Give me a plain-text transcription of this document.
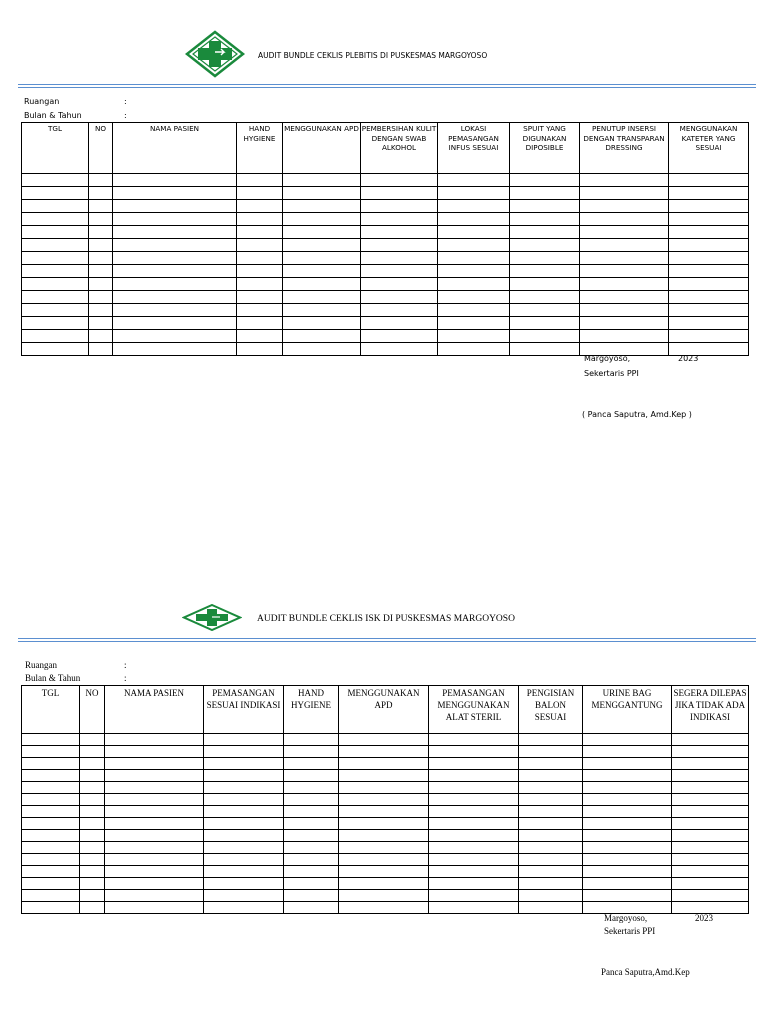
AUDIT BUNDLE CEKLIS PLEBITIS DI PUSKESMAS MARGOYOSO
Ruangan	:
Bulan & Tahun	:
TGL	NO	NAMA PASIEN	HAND HYGIENE	MENGGUNAKAN APD	PEMBERSIHAN KULIT DENGAN SWAB ALKOHOL	LOKASI PEMASANGAN INFUS SESUAI	SPUIT YANG DIGUNAKAN DIPOSIBLE	PENUTUP INSERSI DENGAN TRANSPARAN DRESSING	MENGGUNAKAN KATETER YANG SESUAI

Margoyoso,	2023
Sekertaris PPI
( Panca Saputra, Amd.Kep )
AUDIT BUNDLE CEKLIS ISK DI PUSKESMAS MARGOYOSO
Ruangan	:
Bulan & Tahun	:
TGL	NO	NAMA PASIEN	PEMASANGAN SESUAI INDIKASI	HAND HYGIENE	MENGGUNAKAN APD	PEMASANGAN MENGGUNAKAN ALAT STERIL	PENGISIAN BALON SESUAI	URINE BAG MENGGANTUNG	SEGERA DILEPAS JIKA TIDAK ADA INDIKASI

Margoyoso,	2023
Sekertaris PPI
Panca Saputra,Amd.Kep
